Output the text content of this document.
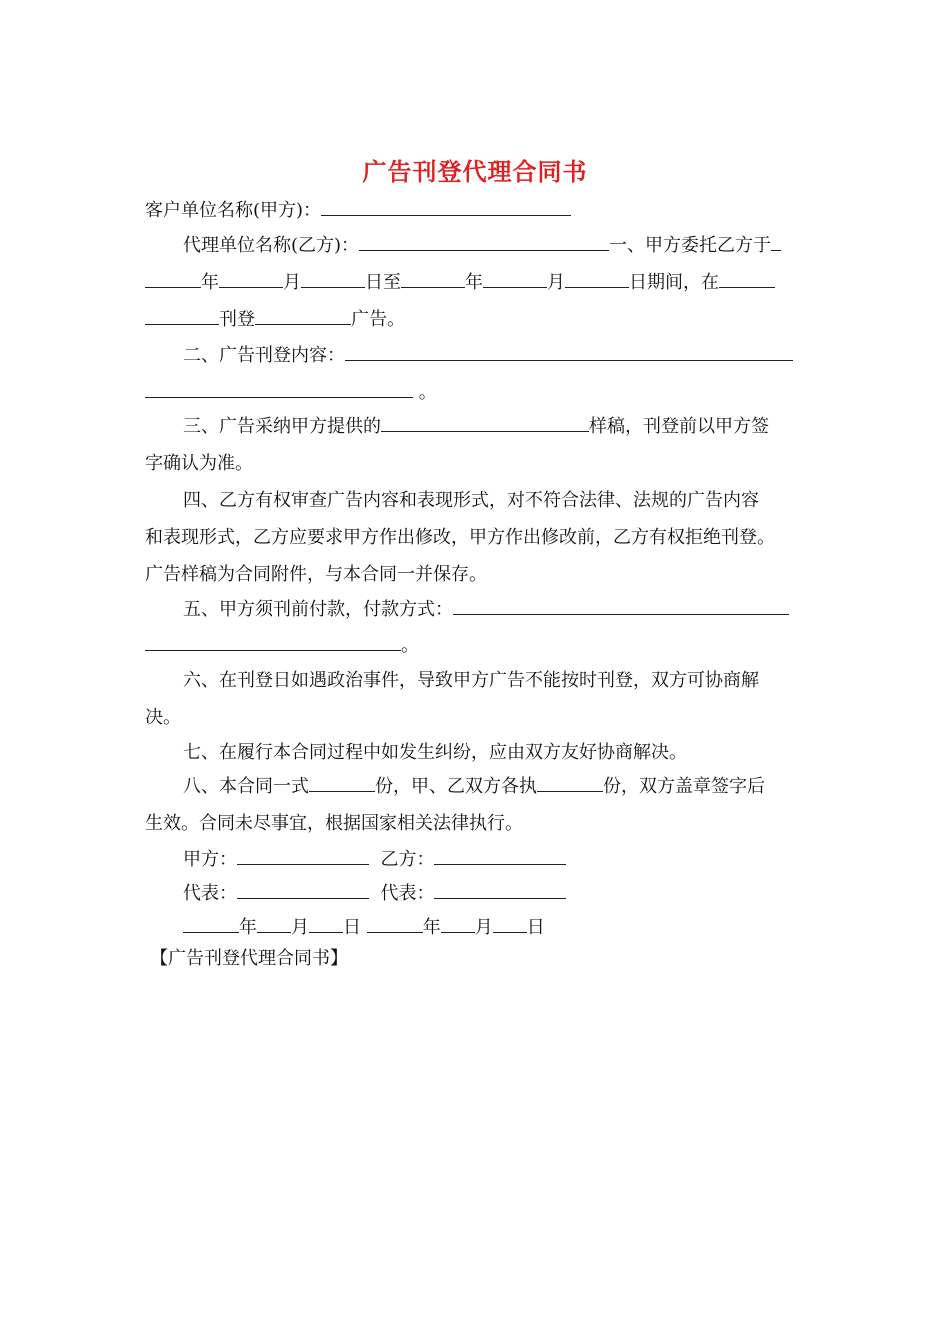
广告刊登代理合同书
客户单位名称(甲方)：
代理单位名称(乙方)：	一、甲方委托乙方于
年	月	日至	年	月	日期间，在
刊登	广告。
二、广告刊登内容：
。
三、广告采纳甲方提供的	样稿，刊登前以甲方签
字确认为准。
四、乙方有权审查广告内容和表现形式，对不符合法律、法规的广告内容
和表现形式，乙方应要求甲方作出修改，甲方作出修改前，乙方有权拒绝刊登。
广告样稿为合同附件，与本合同一并保存。
五、甲方须刊前付款，付款方式：
。
六、在刊登日如遇政治事件，导致甲方广告不能按时刊登，双方可协商解
决。
七、在履行本合同过程中如发生纠纷，应由双方友好协商解决。
八、本合同一式	份，甲、乙双方各执	份，双方盖章签字后
生效。合同未尽事宜，根据国家相关法律执行。
甲方：	乙方：
代表：	代表：
年 月 日	年 月 日
【广告刊登代理合同书】
